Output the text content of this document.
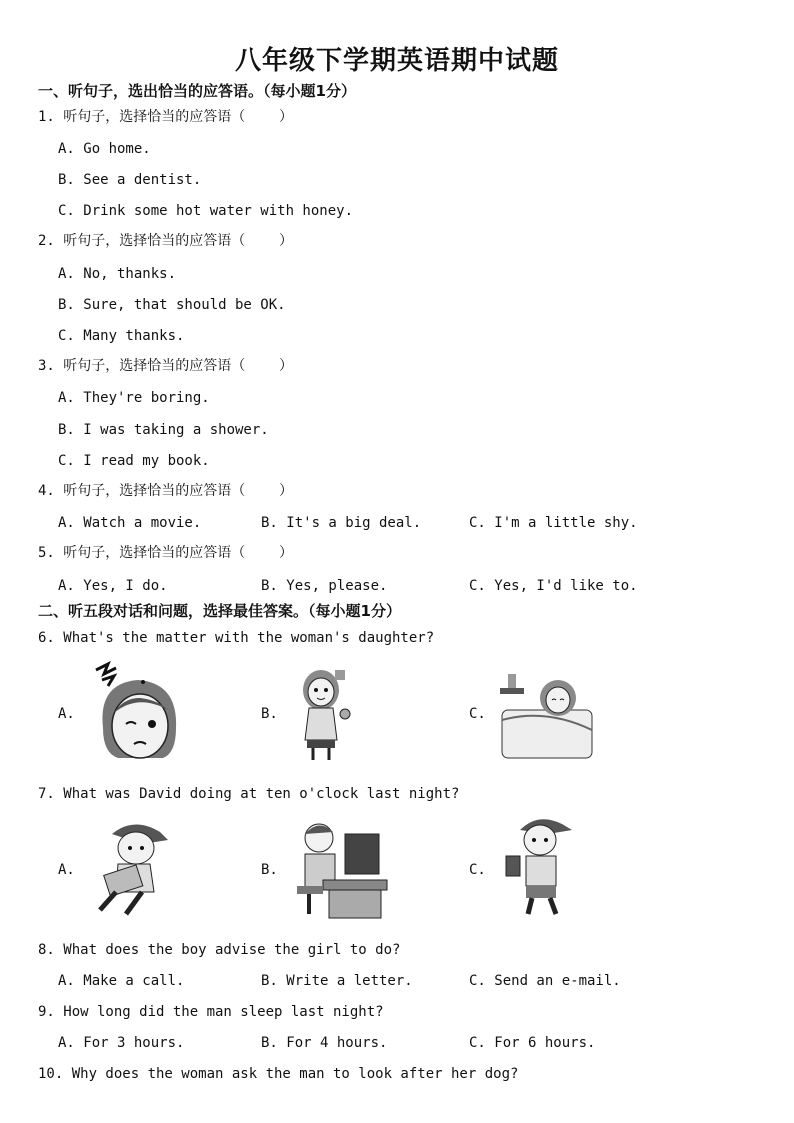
八年级下学期英语期中试题
一、听句子，选出恰当的应答语。（每小题1分）
1. 听句子，选择恰当的应答语（    ）
A. Go home.
B. See a dentist.
C. Drink some hot water with honey.
2. 听句子，选择恰当的应答语（    ）
A. No, thanks.
B. Sure, that should be OK.
C. Many thanks.
3. 听句子，选择恰当的应答语（    ）
A. They're boring.
B. I was taking a shower.
C. I read my book.
4. 听句子，选择恰当的应答语（    ）
A. Watch a movie.	B. It's a big deal.	C. I'm a little shy.
5. 听句子，选择恰当的应答语（    ）
A. Yes, I do.	B. Yes, please.	C. Yes, I'd like to.
二、听五段对话和问题，选择最佳答案。（每小题1分）
6. What's the matter with the woman's daughter?
A.	B.	C.
7. What was David doing at ten o'clock last night?
A.	B.	C.
8. What does the boy advise the girl to do?
A. Make a call.	B. Write a letter.	C. Send an e-mail.
9. How long did the man sleep last night?
A. For 3 hours.	B. For 4 hours.	C. For 6 hours.
10. Why does the woman ask the man to look after her dog?
